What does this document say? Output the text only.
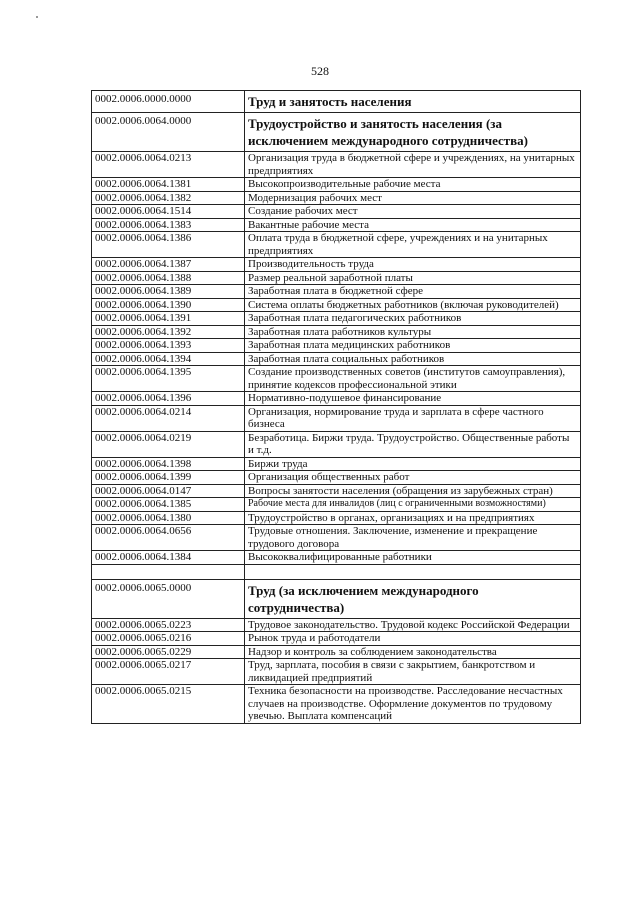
528
0002.0006.0000.0000	Труд и занятость населения
0002.0006.0064.0000	Трудоустройство и занятость населения (за исключением международного сотрудничества)
0002.0006.0064.0213	Организация труда в бюджетной сфере и учреждениях, на унитарных предприятиях
0002.0006.0064.1381	Высокопроизводительные рабочие места
0002.0006.0064.1382	Модернизация рабочих мест
0002.0006.0064.1514	Создание рабочих мест
0002.0006.0064.1383	Вакантные рабочие места
0002.0006.0064.1386	Оплата труда в бюджетной сфере, учреждениях и на унитарных предприятиях
0002.0006.0064.1387	Производительность труда
0002.0006.0064.1388	Размер реальной заработной платы
0002.0006.0064.1389	Заработная плата в бюджетной сфере
0002.0006.0064.1390	Система оплаты бюджетных работников (включая руководителей)
0002.0006.0064.1391	Заработная плата педагогических работников
0002.0006.0064.1392	Заработная плата работников культуры
0002.0006.0064.1393	Заработная плата медицинских работников
0002.0006.0064.1394	Заработная плата социальных работников
0002.0006.0064.1395	Создание производственных советов (институтов самоуправления), принятие кодексов профессиональной этики
0002.0006.0064.1396	Нормативно-подушевое финансирование
0002.0006.0064.0214	Организация, нормирование труда и зарплата в сфере частного бизнеса
0002.0006.0064.0219	Безработица. Биржи труда. Трудоустройство. Общественные работы и т.д.
0002.0006.0064.1398	Биржи труда
0002.0006.0064.1399	Организация общественных работ
0002.0006.0064.0147	Вопросы занятости населения (обращения из зарубежных стран)
0002.0006.0064.1385	Рабочие места для инвалидов (лиц с ограниченными возможностями)
0002.0006.0064.1380	Трудоустройство в органах, организациях и на предприятиях
0002.0006.0064.0656	Трудовые отношения. Заключение, изменение и прекращение трудового договора
0002.0006.0064.1384	Высококвалифицированные работники

0002.0006.0065.0000	Труд (за исключением международного сотрудничества)
0002.0006.0065.0223	Трудовое законодательство. Трудовой кодекс Российской Федерации
0002.0006.0065.0216	Рынок труда и работодатели
0002.0006.0065.0229	Надзор и контроль за соблюдением законодательства
0002.0006.0065.0217	Труд, зарплата, пособия в связи с закрытием, банкротством и ликвидацией предприятий
0002.0006.0065.0215	Техника безопасности на производстве. Расследование несчастных случаев на производстве. Оформление документов по трудовому увечью. Выплата компенсаций
